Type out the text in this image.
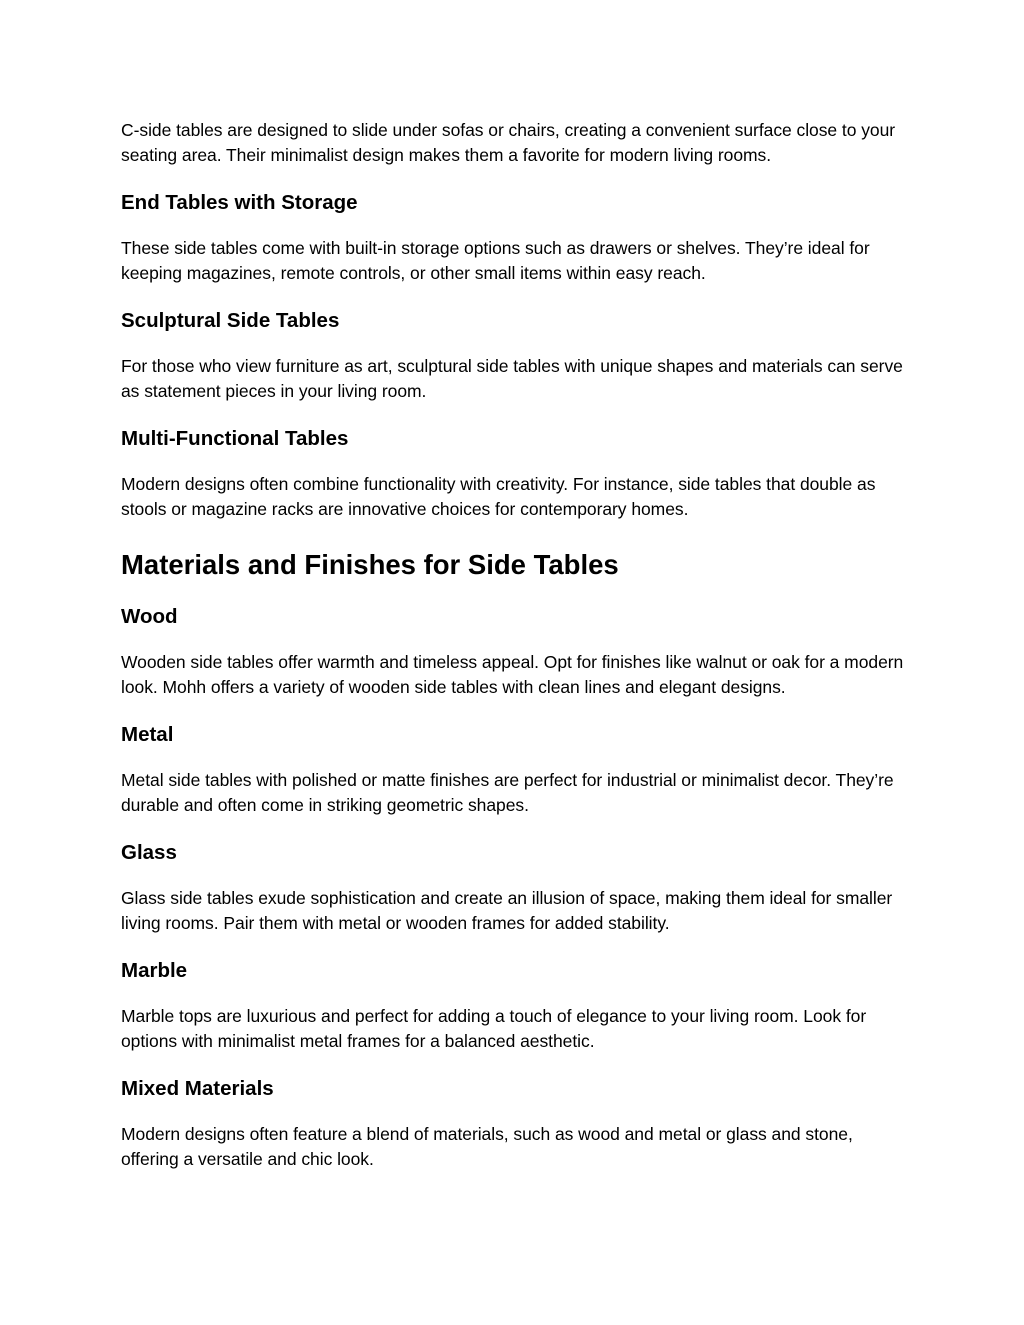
C-side tables are designed to slide under sofas or chairs, creating a convenient surface close to your seating area. Their minimalist design makes them a favorite for modern living rooms.

End Tables with Storage

These side tables come with built-in storage options such as drawers or shelves. They’re ideal for keeping magazines, remote controls, or other small items within easy reach.

Sculptural Side Tables

For those who view furniture as art, sculptural side tables with unique shapes and materials can serve as statement pieces in your living room.

Multi-Functional Tables

Modern designs often combine functionality with creativity. For instance, side tables that double as stools or magazine racks are innovative choices for contemporary homes.

Materials and Finishes for Side Tables
Wood

Wooden side tables offer warmth and timeless appeal. Opt for finishes like walnut or oak for a modern look. Mohh offers a variety of wooden side tables with clean lines and elegant designs.

Metal

Metal side tables with polished or matte finishes are perfect for industrial or minimalist decor. They’re durable and often come in striking geometric shapes.

Glass

Glass side tables exude sophistication and create an illusion of space, making them ideal for smaller living rooms. Pair them with metal or wooden frames for added stability.

Marble

Marble tops are luxurious and perfect for adding a touch of elegance to your living room. Look for options with minimalist metal frames for a balanced aesthetic.

Mixed Materials

Modern designs often feature a blend of materials, such as wood and metal or glass and stone, offering a versatile and chic look.
